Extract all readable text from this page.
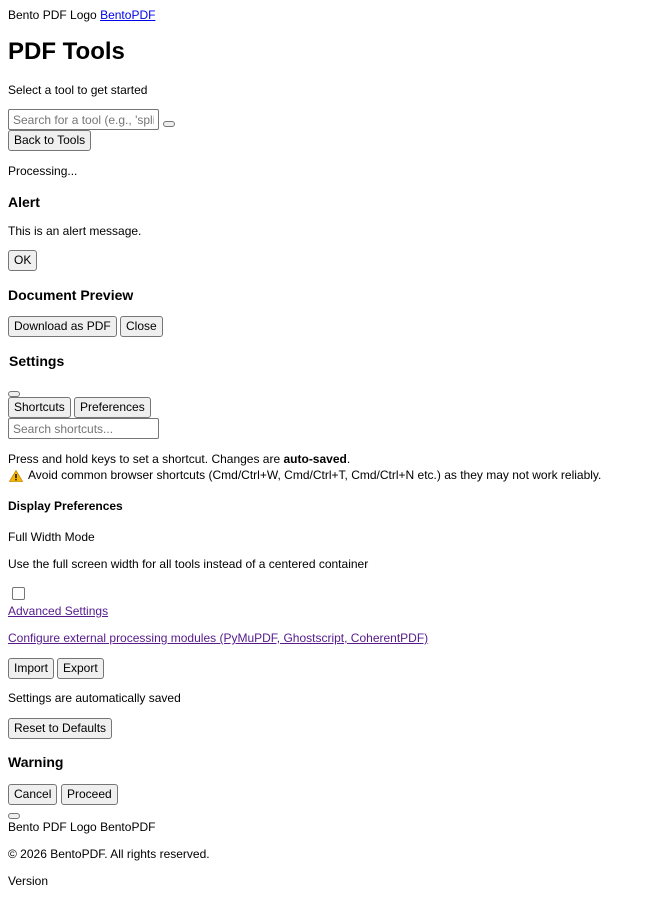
Bento PDF Logo BentoPDF
PDF Tools
Select a tool to get started
Search for a tool (e.g., 'split', 'organize'...)
Back to Tools
Processing...
Alert
This is an alert message.
OK
Document Preview
Download as PDF	Close
Settings
Shortcuts	Preferences
Search shortcuts...
Press and hold keys to set a shortcut. Changes are auto-saved.
Avoid common browser shortcuts (Cmd/Ctrl+W, Cmd/Ctrl+T, Cmd/Ctrl+N etc.) as they may not work reliably.
Display Preferences
Full Width Mode
Use the full screen width for all tools instead of a centered container
Advanced Settings
Configure external processing modules (PyMuPDF, Ghostscript, CoherentPDF)
Import	Export
Settings are automatically saved
Reset to Defaults
Warning
Cancel	Proceed
Bento PDF Logo BentoPDF
© 2026 BentoPDF. All rights reserved.
Version
